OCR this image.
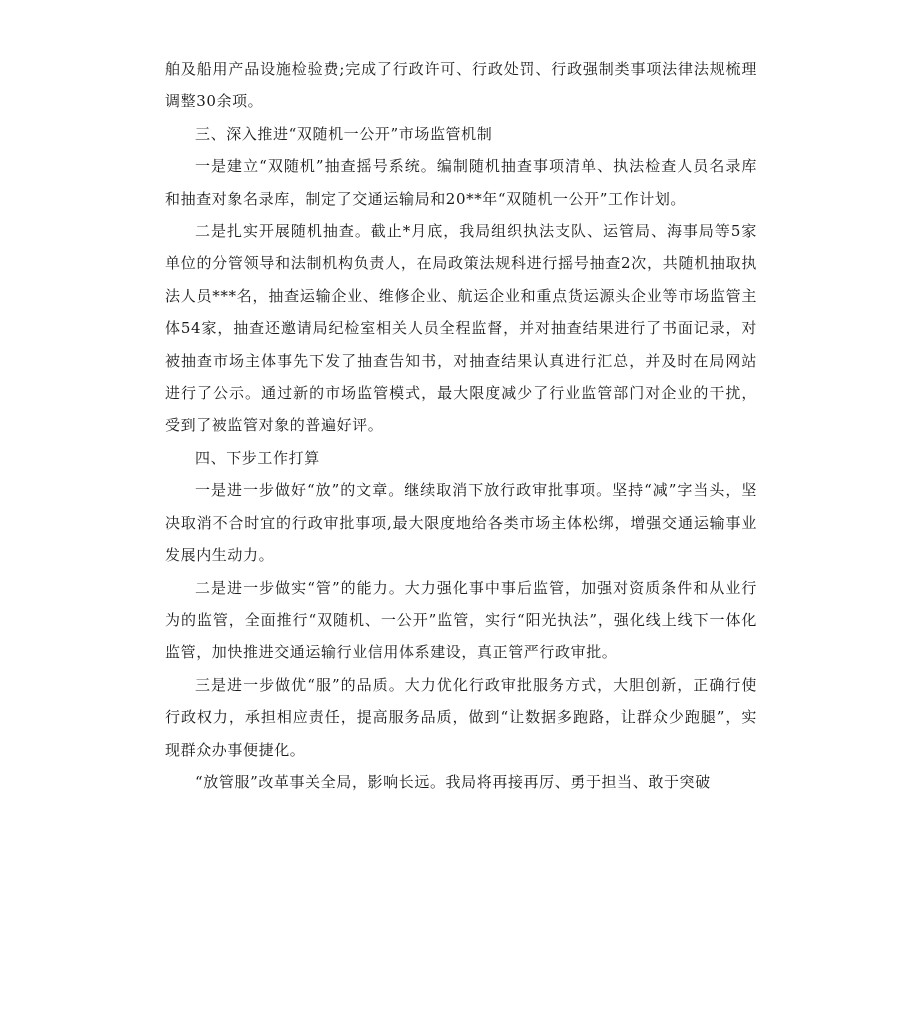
舶及船用产品设施检验费;完成了行政许可、行政处罚、行政强制类事项法律法规梳理调整30余项。

三、深入推进“双随机一公开”市场监管机制

一是建立“双随机”抽查摇号系统。编制随机抽查事项清单、执法检查人员名录库和抽查对象名录库，制定了交通运输局和20**年“双随机一公开”工作计划。

二是扎实开展随机抽查。截止*月底，我局组织执法支队、运管局、海事局等5家单位的分管领导和法制机构负责人，在局政策法规科进行摇号抽查2次，共随机抽取执法人员***名，抽查运输企业、维修企业、航运企业和重点货运源头企业等市场监管主体54家，抽查还邀请局纪检室相关人员全程监督，并对抽查结果进行了书面记录，对被抽查市场主体事先下发了抽查告知书，对抽查结果认真进行汇总，并及时在局网站进行了公示。通过新的市场监管模式，最大限度减少了行业监管部门对企业的干扰，受到了被监管对象的普遍好评。

四、下步工作打算

一是进一步做好“放”的文章。继续取消下放行政审批事项。坚持“减”字当头，坚决取消不合时宜的行政审批事项,最大限度地给各类市场主体松绑，增强交通运输事业发展内生动力。

二是进一步做实“管”的能力。大力强化事中事后监管，加强对资质条件和从业行为的监管，全面推行“双随机、一公开”监管，实行“阳光执法”，强化线上线下一体化监管，加快推进交通运输行业信用体系建设，真正管严行政审批。

三是进一步做优“服”的品质。大力优化行政审批服务方式，大胆创新，正确行使行政权力，承担相应责任，提高服务品质，做到“让数据多跑路，让群众少跑腿”，实现群众办事便捷化。

“放管服”改革事关全局，影响长远。我局将再接再厉、勇于担当、敢于突破
